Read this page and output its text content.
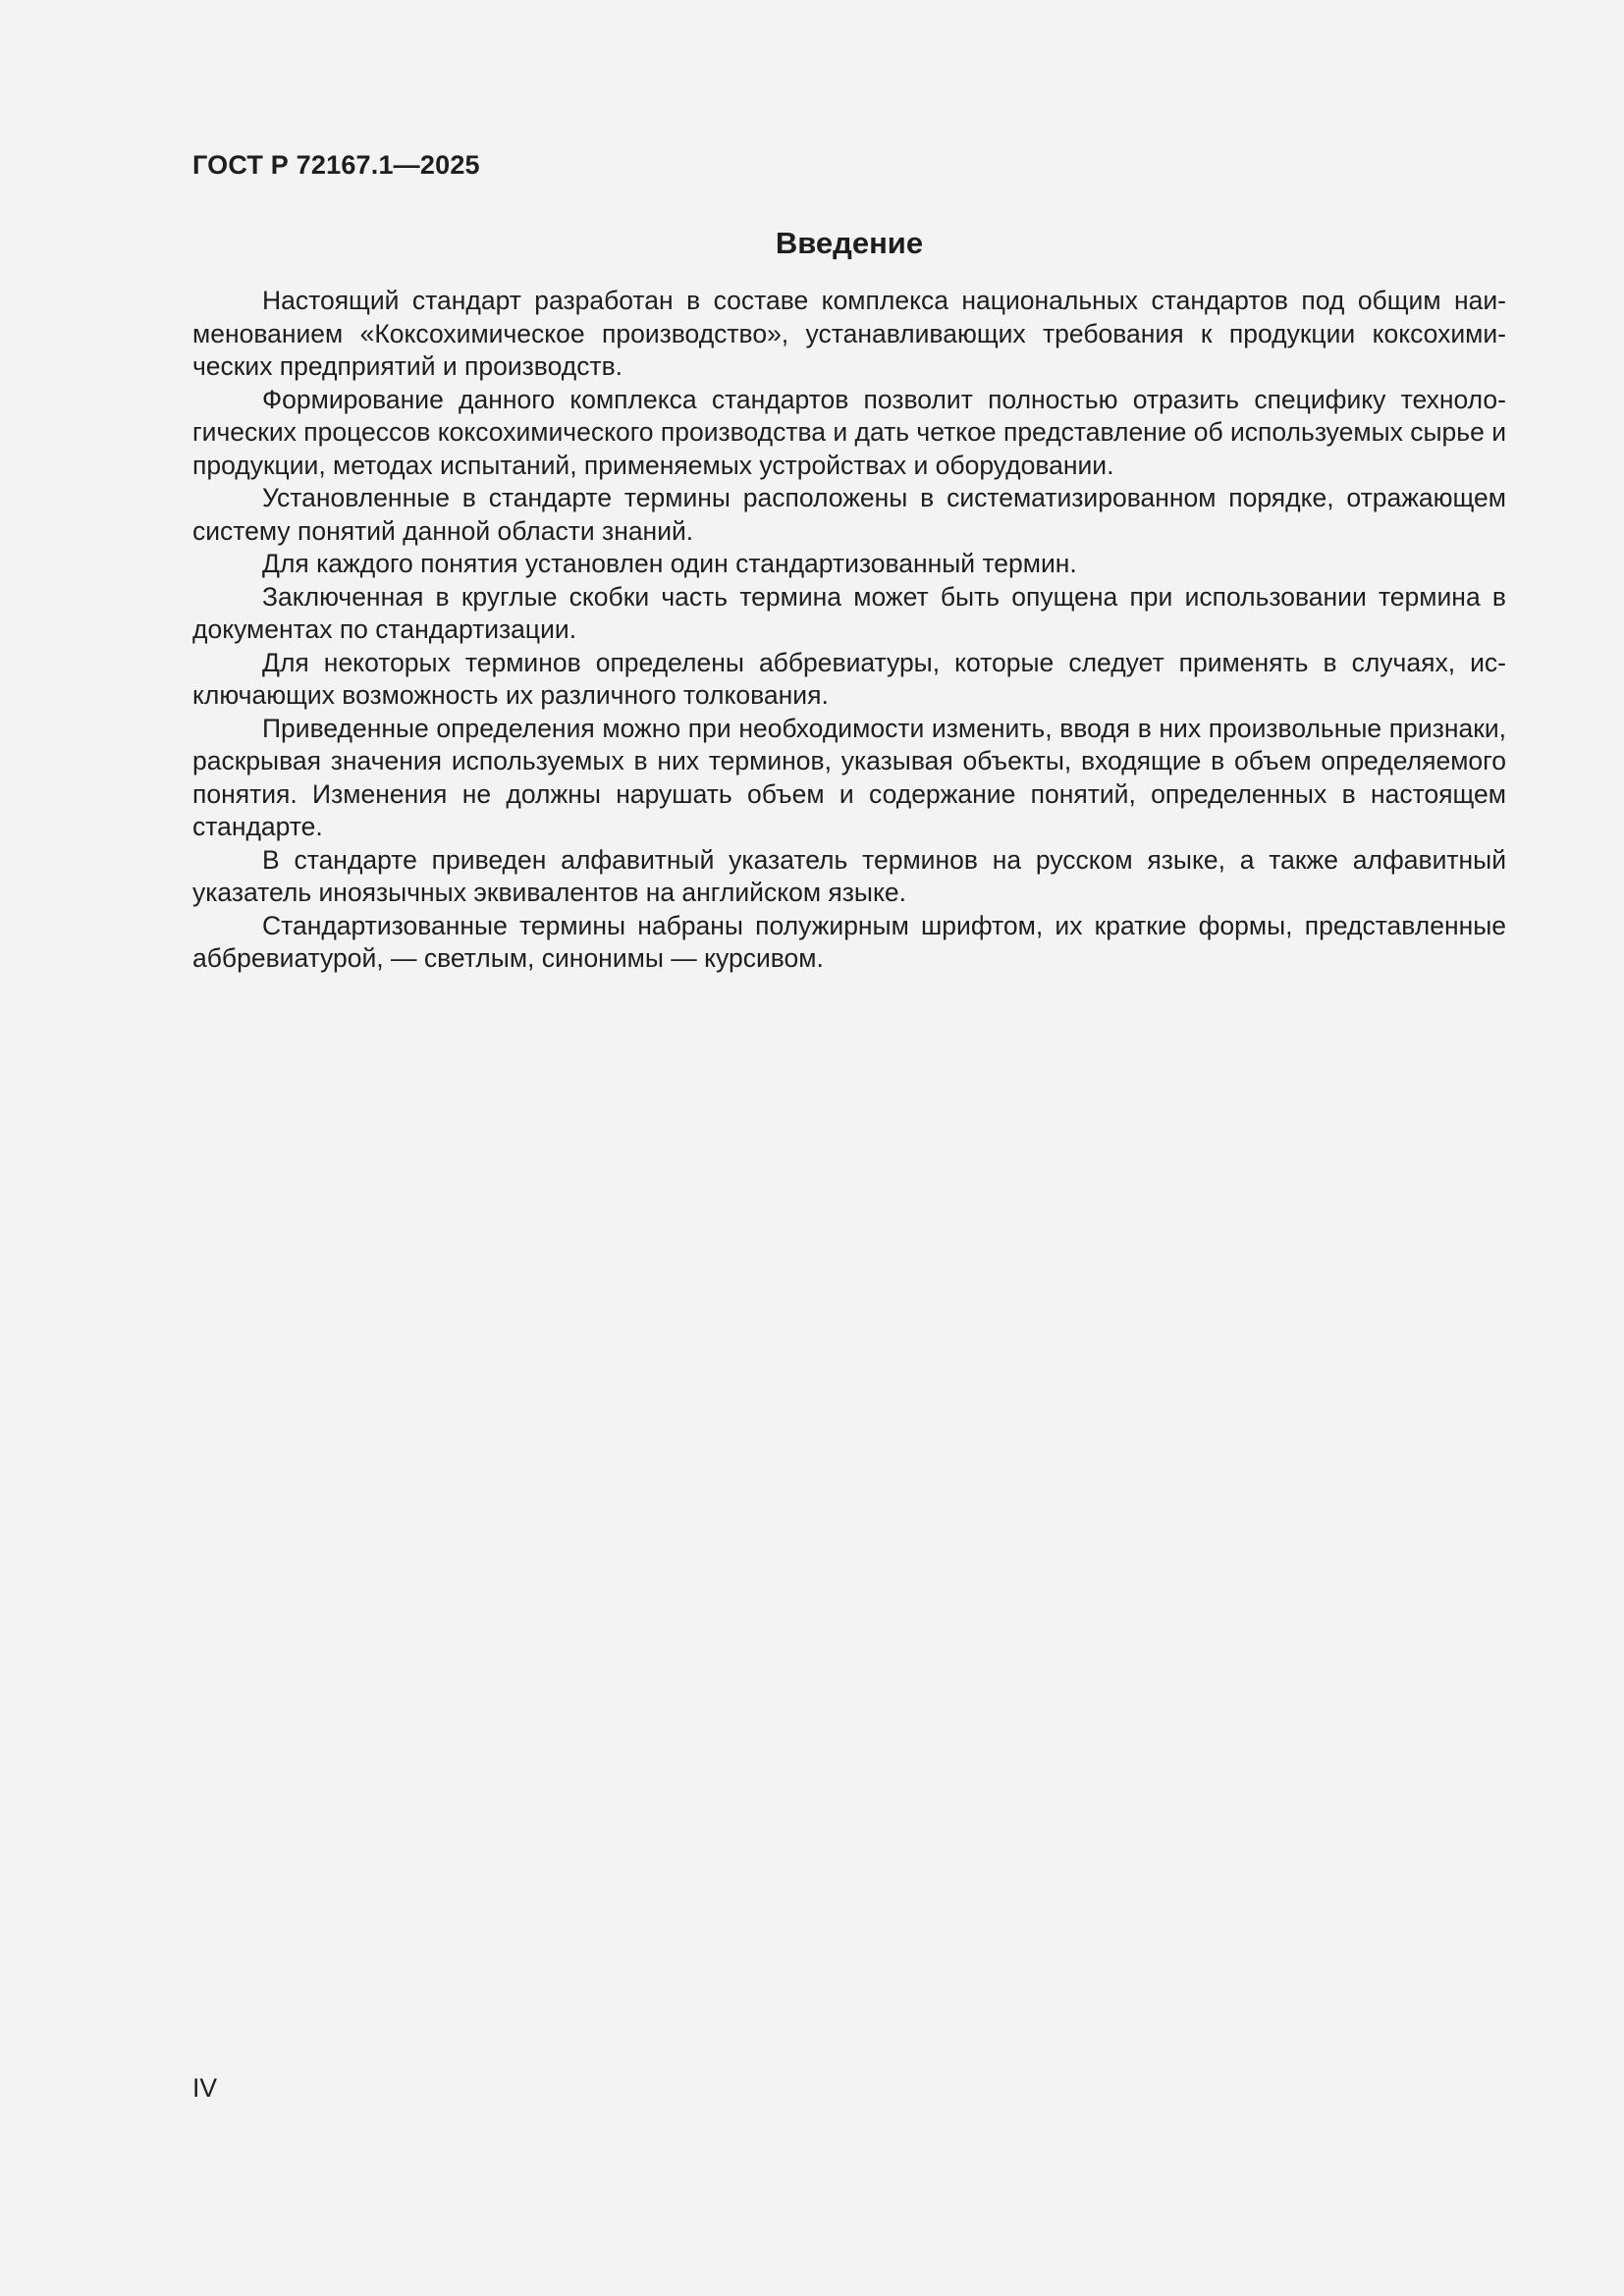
ГОСТ Р 72167.1—2025
Введение

Настоящий стандарт разработан в составе комплекса национальных стандартов под общим наименованием «Коксохимическое производство», устанавливающих требования к продукции коксохимических предприятий и производств.

Формирование данного комплекса стандартов позволит полностью отразить специфику технологических процессов коксохимического производства и дать четкое представление об используемых сырье и продукции, методах испытаний, применяемых устройствах и оборудовании.

Установленные в стандарте термины расположены в систематизированном порядке, отражающем систему понятий данной области знаний.

Для каждого понятия установлен один стандартизованный термин.

Заключенная в круглые скобки часть термина может быть опущена при использовании термина в документах по стандартизации.

Для некоторых терминов определены аббревиатуры, которые следует применять в случаях, исключающих возможность их различного толкования.

Приведенные определения можно при необходимости изменить, вводя в них произвольные признаки, раскрывая значения используемых в них терминов, указывая объекты, входящие в объем определяемого понятия. Изменения не должны нарушать объем и содержание понятий, определенных в настоящем стандарте.

В стандарте приведен алфавитный указатель терминов на русском языке, а также алфавитный указатель иноязычных эквивалентов на английском языке.

Стандартизованные термины набраны полужирным шрифтом, их краткие формы, представленные аббревиатурой, — светлым, синонимы — курсивом.

IV
